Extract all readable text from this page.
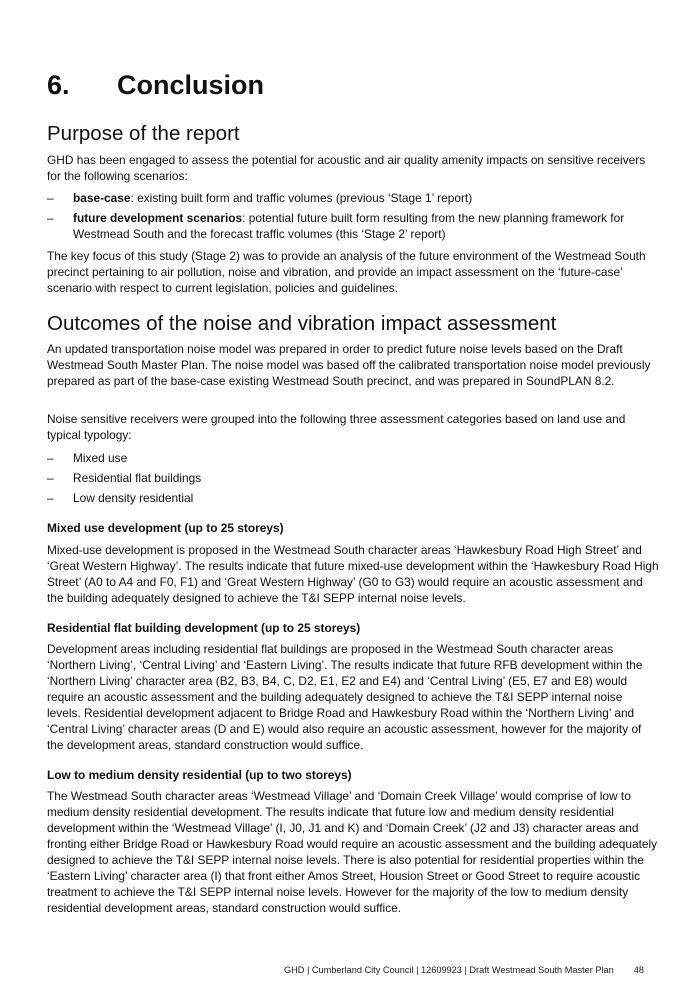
6. Conclusion
Purpose of the report

GHD has been engaged to assess the potential for acoustic and air quality amenity impacts on sensitive receivers for the following scenarios:

– base-case: existing built form and traffic volumes (previous ‘Stage 1’ report)
– future development scenarios: potential future built form resulting from the new planning framework for Westmead South and the forecast traffic volumes (this ‘Stage 2’ report)

The key focus of this study (Stage 2) was to provide an analysis of the future environment of the Westmead South precinct pertaining to air pollution, noise and vibration, and provide an impact assessment on the ‘future-case’ scenario with respect to current legislation, policies and guidelines.

Outcomes of the noise and vibration impact assessment

An updated transportation noise model was prepared in order to predict future noise levels based on the Draft Westmead South Master Plan. The noise model was based off the calibrated transportation noise model previously prepared as part of the base-case existing Westmead South precinct, and was prepared in SoundPLAN 8.2.

Noise sensitive receivers were grouped into the following three assessment categories based on land use and typical typology:

– Mixed use
– Residential flat buildings
– Low density residential
Mixed use development (up to 25 storeys)

Mixed-use development is proposed in the Westmead South character areas ‘Hawkesbury Road High Street’ and ‘Great Western Highway’. The results indicate that future mixed-use development within the ‘Hawkesbury Road High Street’ (A0 to A4 and F0, F1) and ‘Great Western Highway’ (G0 to G3) would require an acoustic assessment and the building adequately designed to achieve the T&I SEPP internal noise levels.

Residential flat building development (up to 25 storeys)

Development areas including residential flat buildings are proposed in the Westmead South character areas ‘Northern Living’, ‘Central Living’ and ‘Eastern Living’. The results indicate that future RFB development within the ‘Northern Living’ character area (B2, B3, B4, C, D2, E1, E2 and E4) and ‘Central Living’ (E5, E7 and E8) would require an acoustic assessment and the building adequately designed to achieve the T&I SEPP internal noise levels. Residential development adjacent to Bridge Road and Hawkesbury Road within the ‘Northern Living’ and ‘Central Living’ character areas (D and E) would also require an acoustic assessment, however for the majority of the development areas, standard construction would suffice.

Low to medium density residential (up to two storeys)

The Westmead South character areas ‘Westmead Village’ and ‘Domain Creek Village’ would comprise of low to medium density residential development. The results indicate that future low and medium density residential development within the ‘Westmead Village’ (I, J0, J1 and K) and ‘Domain Creek’ (J2 and J3) character areas and fronting either Bridge Road or Hawkesbury Road would require an acoustic assessment and the building adequately designed to achieve the T&I SEPP internal noise levels. There is also potential for residential properties within the ‘Eastern Living’ character area (I) that front either Amos Street, Housion Street or Good Street to require acoustic treatment to achieve the T&I SEPP internal noise levels. However for the majority of the low to medium density residential development areas, standard construction would suffice.

GHD | Cumberland City Council | 12609923 | Draft Westmead South Master Plan 48
